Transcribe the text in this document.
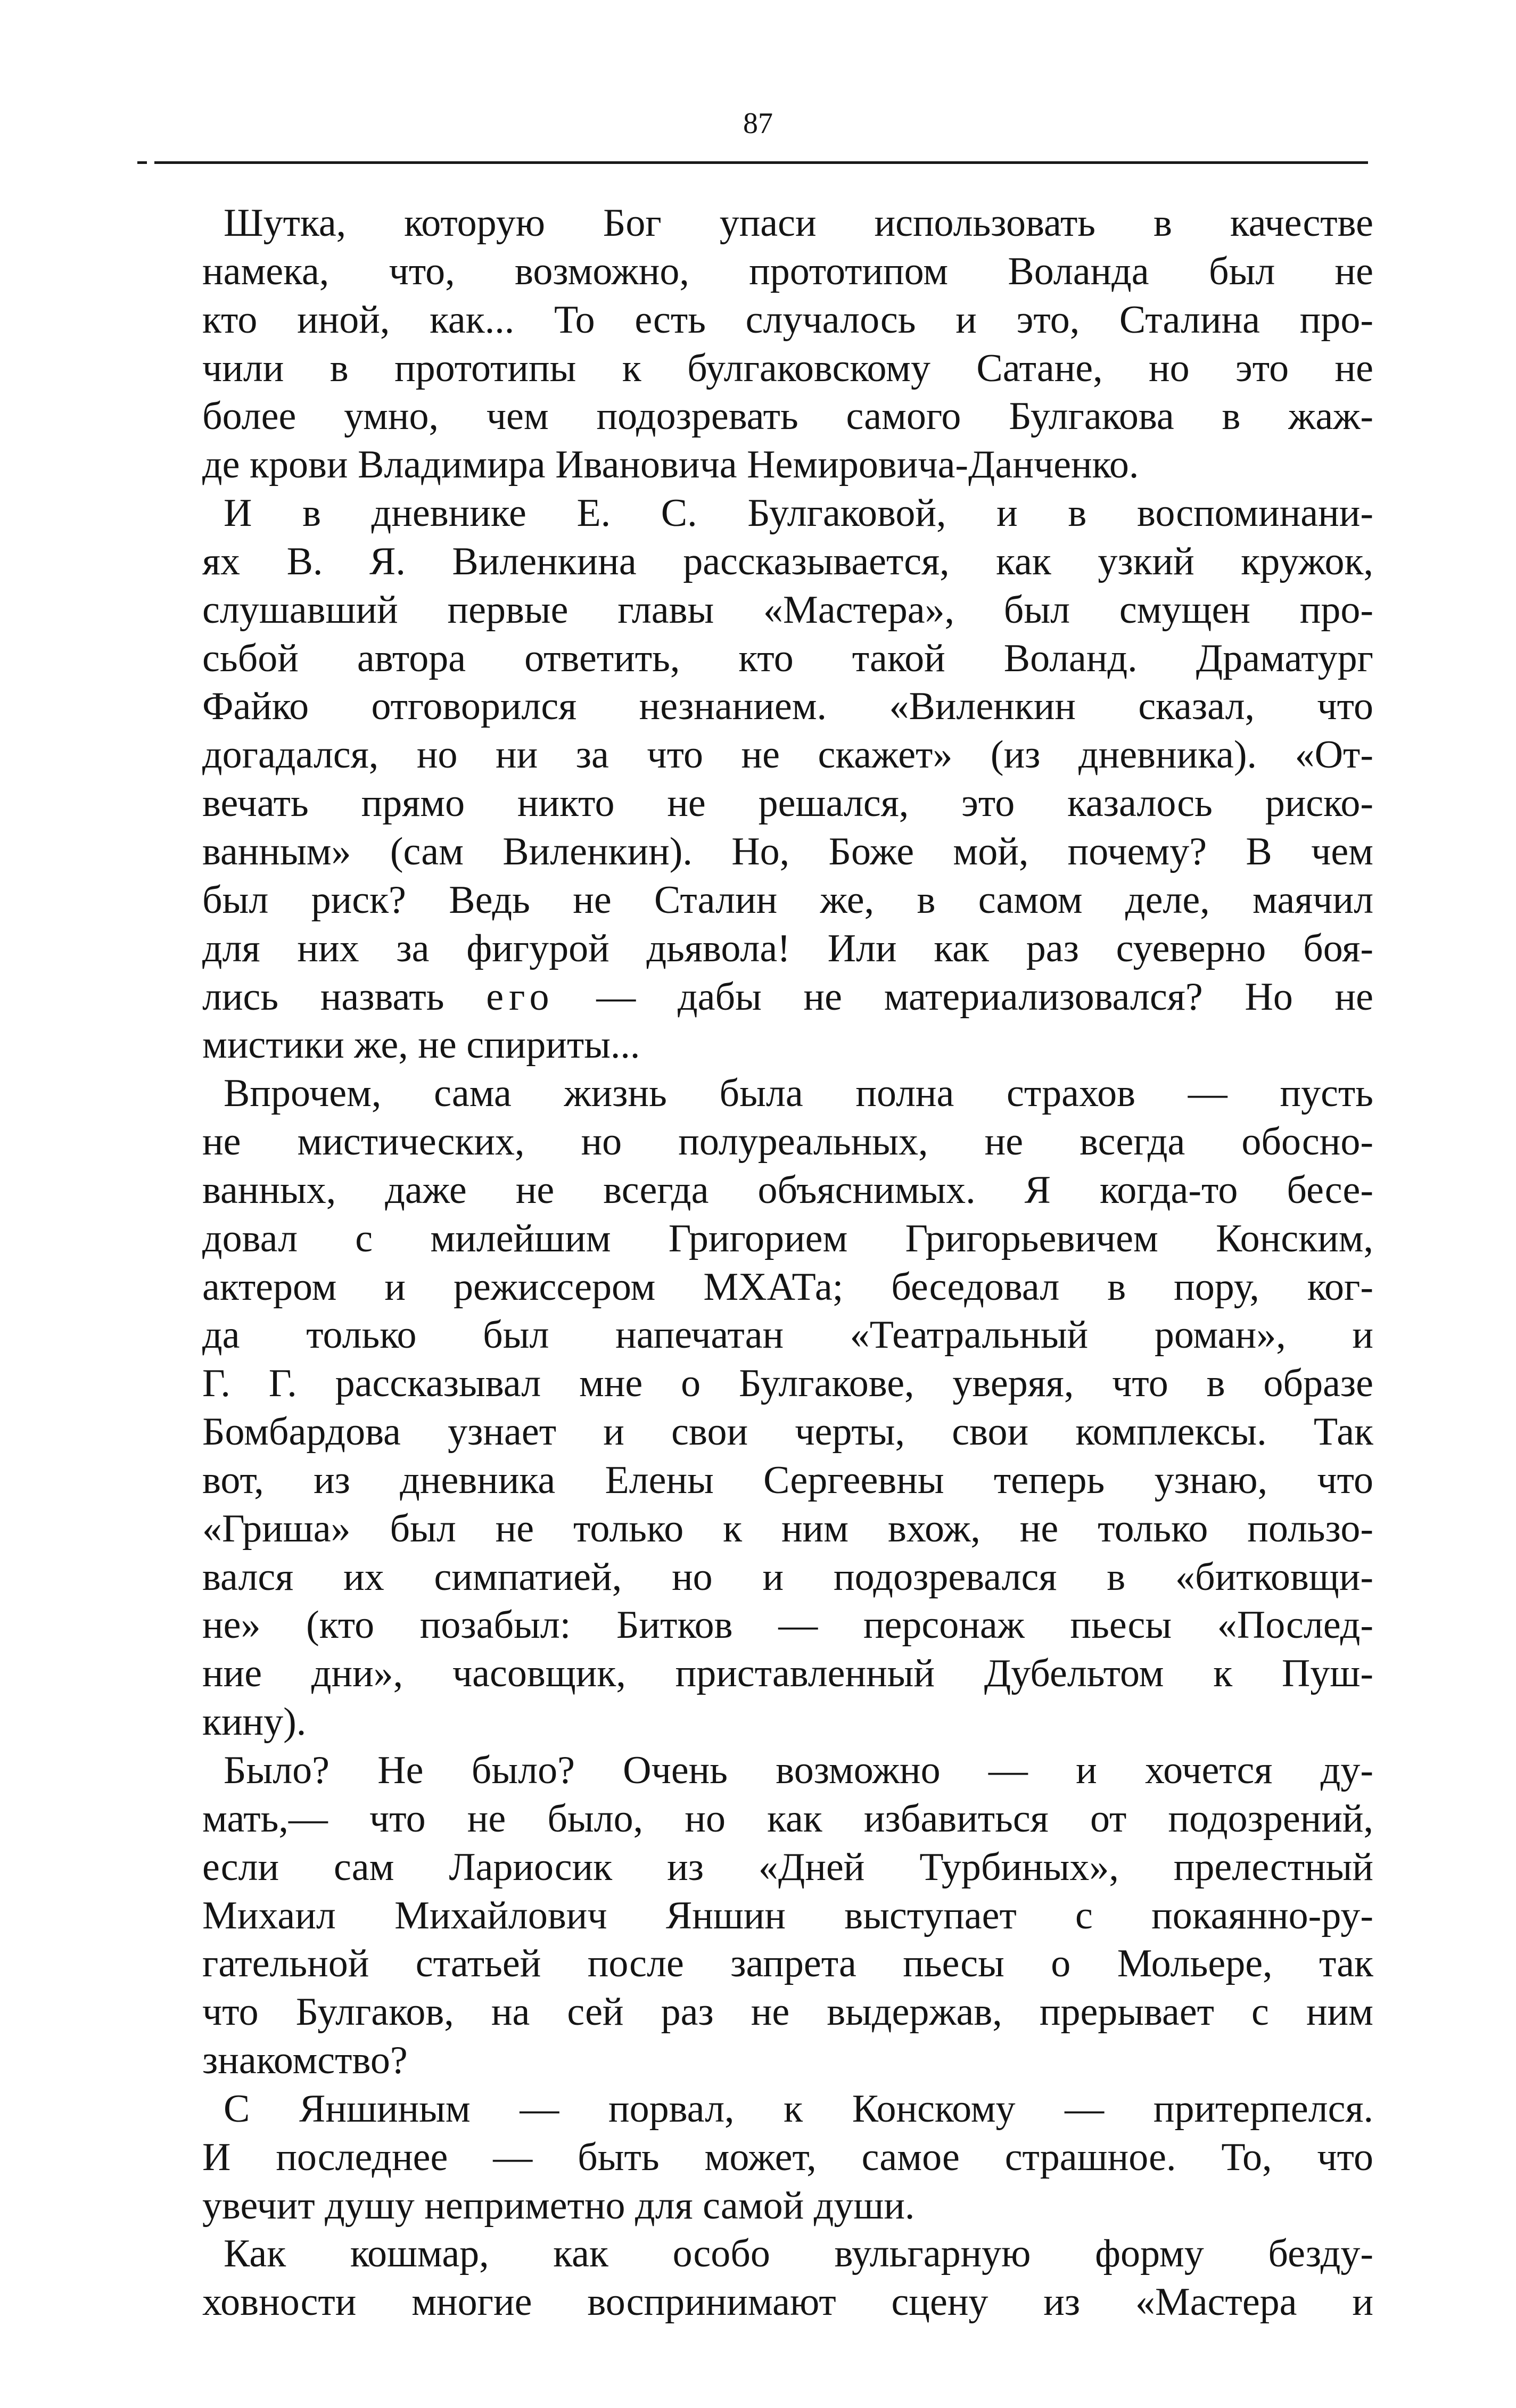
87
Шутка, которую Бог упаси использовать в качестве
намека, что, возможно, прототипом Воланда был не
кто иной, как... То есть случалось и это, Сталина про-
чили в прототипы к булгаковскому Сатане, но это не
более умно, чем подозревать самого Булгакова в жаж-
де крови Владимира Ивановича Немировича-Данченко.
И в дневнике Е. С. Булгаковой, и в воспоминани-
ях В. Я. Виленкина рассказывается, как узкий кружок,
слушавший первые главы «Мастера», был смущен про-
сьбой автора ответить, кто такой Воланд. Драматург
Файко отговорился незнанием. «Виленкин сказал, что
догадался, но ни за что не скажет» (из дневника). «От-
вечать прямо никто не решался, это казалось риско-
ванным» (сам Виленкин). Но, Боже мой, почему? В чем
был риск? Ведь не Сталин же, в самом деле, маячил
для них за фигурой дьявола! Или как раз суеверно боя-
лись назвать его — дабы не материализовался? Но не
мистики же, не спириты...
Впрочем, сама жизнь была полна страхов — пусть
не мистических, но полуреальных, не всегда обосно-
ванных, даже не всегда объяснимых. Я когда-то бесе-
довал с милейшим Григорием Григорьевичем Конским,
актером и режиссером МХАТа; беседовал в пору, ког-
да только был напечатан «Театральный роман», и
Г. Г. рассказывал мне о Булгакове, уверяя, что в образе
Бомбардова узнает и свои черты, свои комплексы. Так
вот, из дневника Елены Сергеевны теперь узнаю, что
«Гриша» был не только к ним вхож, не только пользо-
вался их симпатией, но и подозревался в «битковщи-
не» (кто позабыл: Битков — персонаж пьесы «Послед-
ние дни», часовщик, приставленный Дубельтом к Пуш-
кину).
Было? Не было? Очень возможно — и хочется ду-
мать,— что не было, но как избавиться от подозрений,
если сам Лариосик из «Дней Турбиных», прелестный
Михаил Михайлович Яншин выступает с покаянно-ру-
гательной статьей после запрета пьесы о Мольере, так
что Булгаков, на сей раз не выдержав, прерывает с ним
знакомство?
С Яншиным — порвал, к Конскому — притерпелся.
И последнее — быть может, самое страшное. То, что
увечит душу неприметно для самой души.
Как кошмар, как особо вульгарную форму безду-
ховности многие воспринимают сцену из «Мастера и
